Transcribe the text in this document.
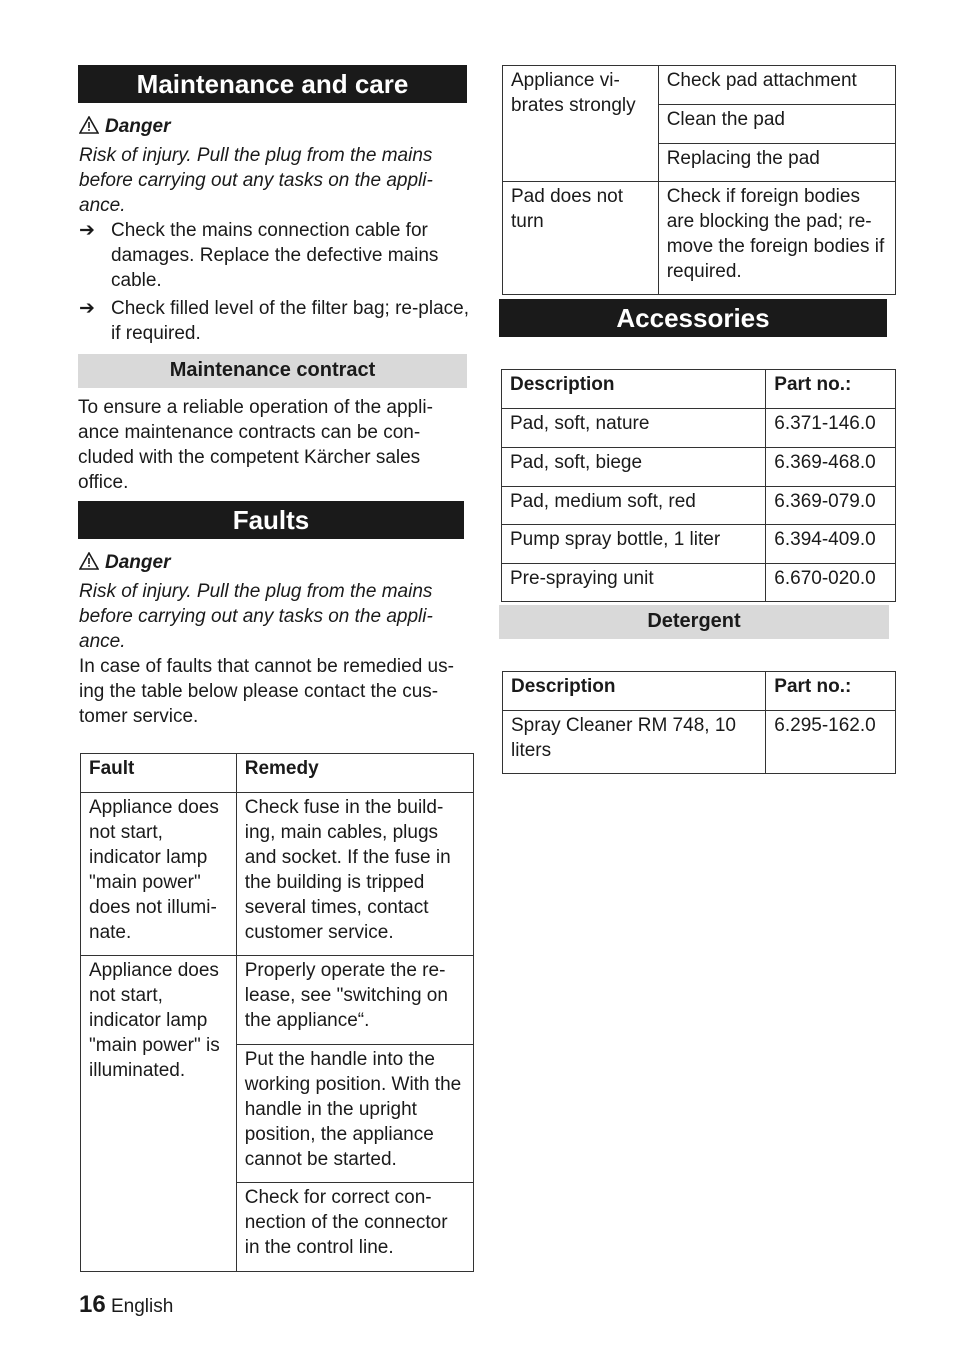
Maintenance and care
Danger
Risk of injury. Pull the plug from the mains before carrying out any tasks on the appli-ance.
➔ Check the mains connection cable for damages. Replace the defective mains cable.
➔ Check filled level of the filter bag; re-place, if required.
Maintenance contract
To ensure a reliable operation of the appli-ance maintenance contracts can be con-cluded with the competent Kärcher sales office.
Faults
Danger
Risk of injury. Pull the plug from the mains before carrying out any tasks on the appli-ance.
In case of faults that cannot be remedied us-ing the table below please contact the cus-tomer service.
Fault	Remedy
Appliance does not start, indicator lamp "main power" does not illumi-nate.	Check fuse in the build-ing, main cables, plugs and socket. If the fuse in the building is tripped several times, contact customer service.
Appliance does not start, indicator lamp "main power" is illuminated.	Properly operate the re-lease, see "switching on the appliance“.
	Put the handle into the working position. With the handle in the upright position, the appliance cannot be started.
	Check for correct con-nection of the connector in the control line.
16 English
Appliance vi-brates strongly	Check pad attachment
	Clean the pad
	Replacing the pad
Pad does not turn	Check if foreign bodies are blocking the pad; re-move the foreign bodies if required.
Accessories
Description	Part no.:
Pad, soft, nature	6.371-146.0
Pad, soft, biege	6.369-468.0
Pad, medium soft, red	6.369-079.0
Pump spray bottle, 1 liter	6.394-409.0
Pre-spraying unit	6.670-020.0
Detergent
Description	Part no.:
Spray Cleaner RM 748, 10 liters	6.295-162.0
